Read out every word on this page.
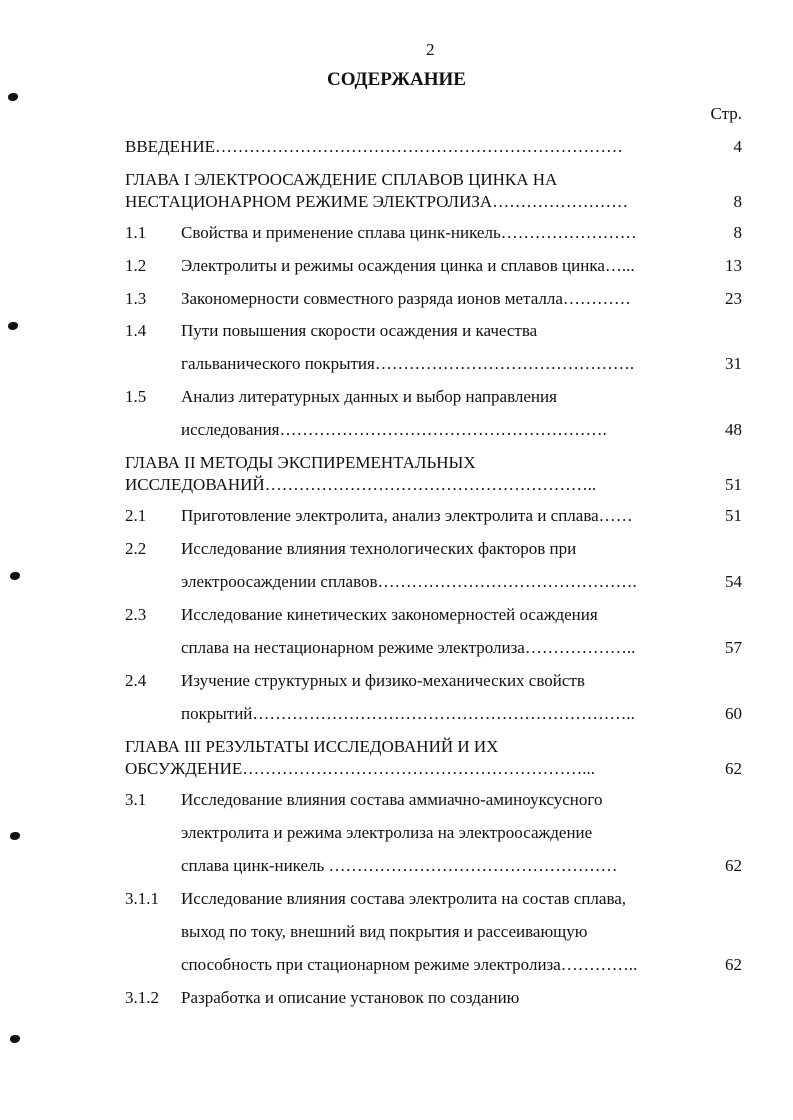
2
СОДЕРЖАНИЕ
Стр.
ВВЕДЕНИЕ………………………………………………………………	4
ГЛАВА I ЭЛЕКТРООСАЖДЕНИЕ СПЛАВОВ ЦИНКА НА
НЕСТАЦИОНАРНОМ РЕЖИМЕ ЭЛЕКТРОЛИЗА……………………	8
1.1 Свойства и применение сплава цинк-никель……………………	8
1.2 Электролиты и режимы осаждения цинка и сплавов цинка…...	13
1.3 Закономерности совместного разряда ионов металла…………	23
1.4 Пути повышения скорости осаждения и качества
гальванического покрытия……………………………………….	31
1.5 Анализ литературных данных и выбор направления
исследования………………………………………………….	48
ГЛАВА II МЕТОДЫ ЭКСПИРЕМЕНТАЛЬНЫХ
ИССЛЕДОВАНИЙ…………………………………………………..	51
2.1 Приготовление электролита, анализ электролита и сплава……	51
2.2 Исследование влияния технологических факторов при
электроосаждении сплавов……………………………………….	54
2.3 Исследование кинетических закономерностей осаждения
сплава на нестационарном режиме электролиза………………..	57
2.4 Изучение структурных и физико-механических свойств
покрытий…………………………………………………………..	60
ГЛАВА III РЕЗУЛЬТАТЫ ИССЛЕДОВАНИЙ И ИХ
ОБСУЖДЕНИЕ……………………………………………………...	62
3.1 Исследование влияния состава аммиачно-аминоуксусного
электролита и режима электролиза на электроосаждение
сплава цинк-никель ……………………………………………	62
3.1.1 Исследование влияния состава электролита на состав сплава,
выход по току, внешний вид покрытия и рассеивающую
способность при стационарном режиме электролиза…………..	62
3.1.2 Разработка и описание установок по созданию
